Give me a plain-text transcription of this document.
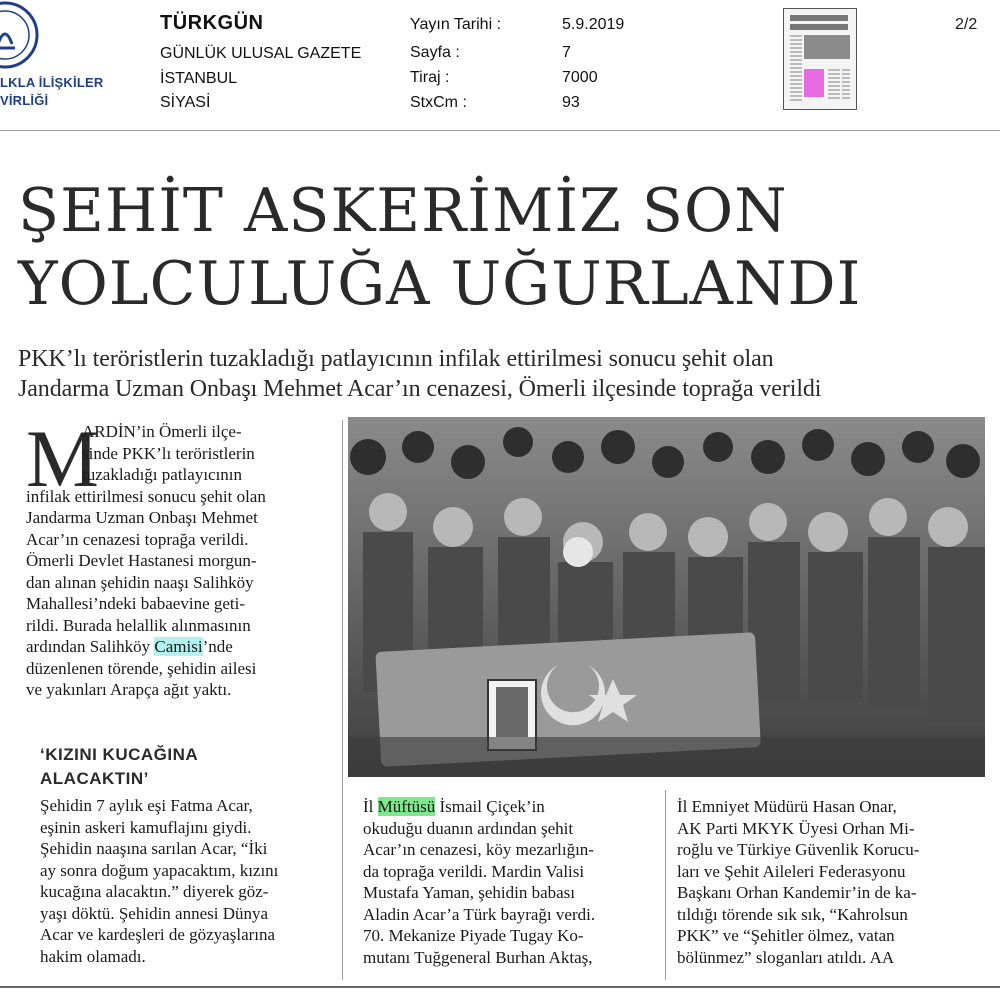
LKLA İLİŞKİLER
VİRLİĞİ
TÜRKGÜN
GÜNLÜK ULUSAL GAZETE
İSTANBUL
SİYASİ
Yayın Tarihi :	5.9.2019
Sayfa :	7
Tiraj :	7000
StxCm :	93
2/2
ŞEHİT ASKERİMİZ SON
YOLCULUĞA UĞURLANDI
PKK’lı teröristlerin tuzakladığı patlayıcının infilak ettirilmesi sonucu şehit olan
Jandarma Uzman Onbaşı Mehmet Acar’ın cenazesi, Ömerli ilçesinde toprağa verildi
M

ARDİN’in Ömerli ilçe-

sinde PKK’lı teröristlerin

tuzakladığı patlayıcının

infilak ettirilmesi sonucu şehit olan

Jandarma Uzman Onbaşı Mehmet

Acar’ın cenazesi toprağa verildi.

Ömerli Devlet Hastanesi morgun-

dan alınan şehidin naaşı Salihköy

Mahallesi’ndeki babaevine geti-

rildi. Burada helallik alınmasının

ardından Salihköy Camisi’nde

düzenlenen törende, şehidin ailesi

ve yakınları Arapça ağıt yaktı.

‘KIZINI KUCAĞINA
ALACAKTIN’

Şehidin 7 aylık eşi Fatma Acar,

eşinin askeri kamuflajını giydi.

Şehidin naaşına sarılan Acar, “İki

ay sonra doğum yapacaktım, kızını

kucağına alacaktın.” diyerek göz-

yaşı döktü. Şehidin annesi Dünya

Acar ve kardeşleri de gözyaşlarına

hakim olamadı.

İl Müftüsü İsmail Çiçek’in

okuduğu duanın ardından şehit

Acar’ın cenazesi, köy mezarlığın-

da toprağa verildi. Mardin Valisi

Mustafa Yaman, şehidin babası

Aladin Acar’a Türk bayrağı verdi.

70. Mekanize Piyade Tugay Ko-

mutanı Tuğgeneral Burhan Aktaş,

İl Emniyet Müdürü Hasan Onar,

AK Parti MKYK Üyesi Orhan Mi-

roğlu ve Türkiye Güvenlik Korucu-

ları ve Şehit Aileleri Federasyonu

Başkanı Orhan Kandemir’in de ka-

tıldığı törende sık sık, “Kahrolsun

PKK” ve “Şehitler ölmez, vatan

bölünmez” sloganları atıldı. AA
